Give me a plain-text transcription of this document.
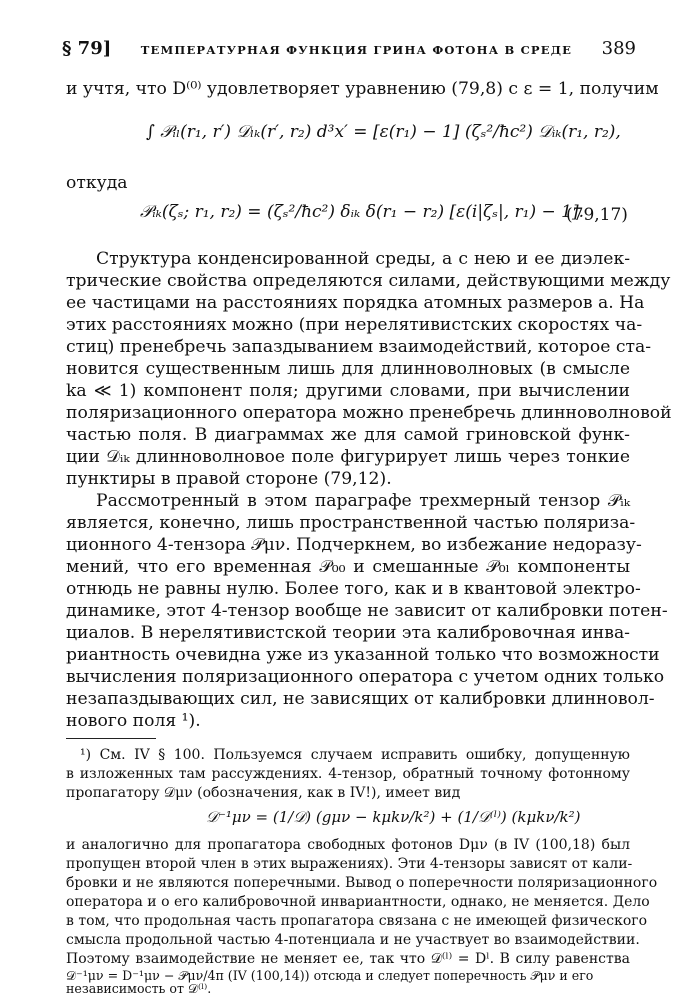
§ 79]	ТЕМПЕРАТУРНАЯ ФУНКЦИЯ ГРИНА ФОТОНА В СРЕДЕ 389
и учтя, что D⁽⁰⁾ удовлетворяет уравнению (79,8) с ε = 1, получим
∫ 𝒫ᵢₗ(r₁, r′) 𝒟ₗₖ(r′, r₂) d³x′ = [ε(r₁) − 1] (ζₛ²/ħc²) 𝒟ᵢₖ(r₁, r₂),
откуда
𝒫ᵢₖ(ζₛ; r₁, r₂) = (ζₛ²/ħc²) δᵢₖ δ(r₁ − r₂) [ε(i|ζₛ|, r₁) − 1].
(79,17)
Структура конденсированной среды, а с нею и ее диэлек-
трические свойства определяются силами, действующими между
ее частицами на расстояниях порядка атомных размеров a. На
этих расстояниях можно (при нерелятивистских скоростях ча-
стиц) пренебречь запаздыванием взаимодействий, которое ста-
новится существенным лишь для длинноволновых (в смысле
ka ≪ 1) компонент поля; другими словами, при вычислении
поляризационного оператора можно пренебречь длинноволновой
частью поля. В диаграммах же для самой гриновской функ-
ции 𝒟ᵢₖ длинноволновое поле фигурирует лишь через тонкие
пунктиры в правой стороне (79,12).
Рассмотренный в этом параграфе трехмерный тензор 𝒫ᵢₖ
является, конечно, лишь пространственной частью поляриза-
ционного 4-тензора 𝒫μν. Подчеркнем, во избежание недоразу-
мений, что его временная 𝒫₀₀ и смешанные 𝒫₀ₗ компоненты
отнюдь не равны нулю. Более того, как и в квантовой электро-
динамике, этот 4-тензор вообще не зависит от калибровки потен-
циалов. В нерелятивистской теории эта калибровочная инва-
риантность очевидна уже из указанной только что возможности
вычисления поляризационного оператора с учетом одних только
незапаздывающих сил, не зависящих от калибровки длинновол-
нового поля ¹).
¹) См. IV § 100. Пользуемся случаем исправить ошибку, допущенную
в изложенных там рассуждениях. 4-тензор, обратный точному фотонному
пропагатору 𝒟μν (обозначения, как в IV!), имеет вид
𝒟⁻¹μν = (1/𝒟) (gμν − kμkν/k²) + (1/𝒟⁽ˡ⁾) (kμkν/k²)
и аналогично для пропагатора свободных фотонов Dμν (в IV (100,18) был
пропущен второй член в этих выражениях). Эти 4-тензоры зависят от кали-
бровки и не являются поперечными. Вывод о поперечности поляризационного
оператора и о его калибровочной инвариантности, однако, не меняется. Дело
в том, что продольная часть пропагатора связана с не имеющей физического
смысла продольной частью 4-потенциала и не участвует во взаимодействии.
Поэтому взаимодействие не меняет ее, так что 𝒟⁽ˡ⁾ = Dˡ. В силу равенства
𝒟⁻¹μν = D⁻¹μν − 𝒫μν/4π (IV (100,14)) отсюда и следует поперечность 𝒫μν и его независимость от 𝒟⁽ˡ⁾.
